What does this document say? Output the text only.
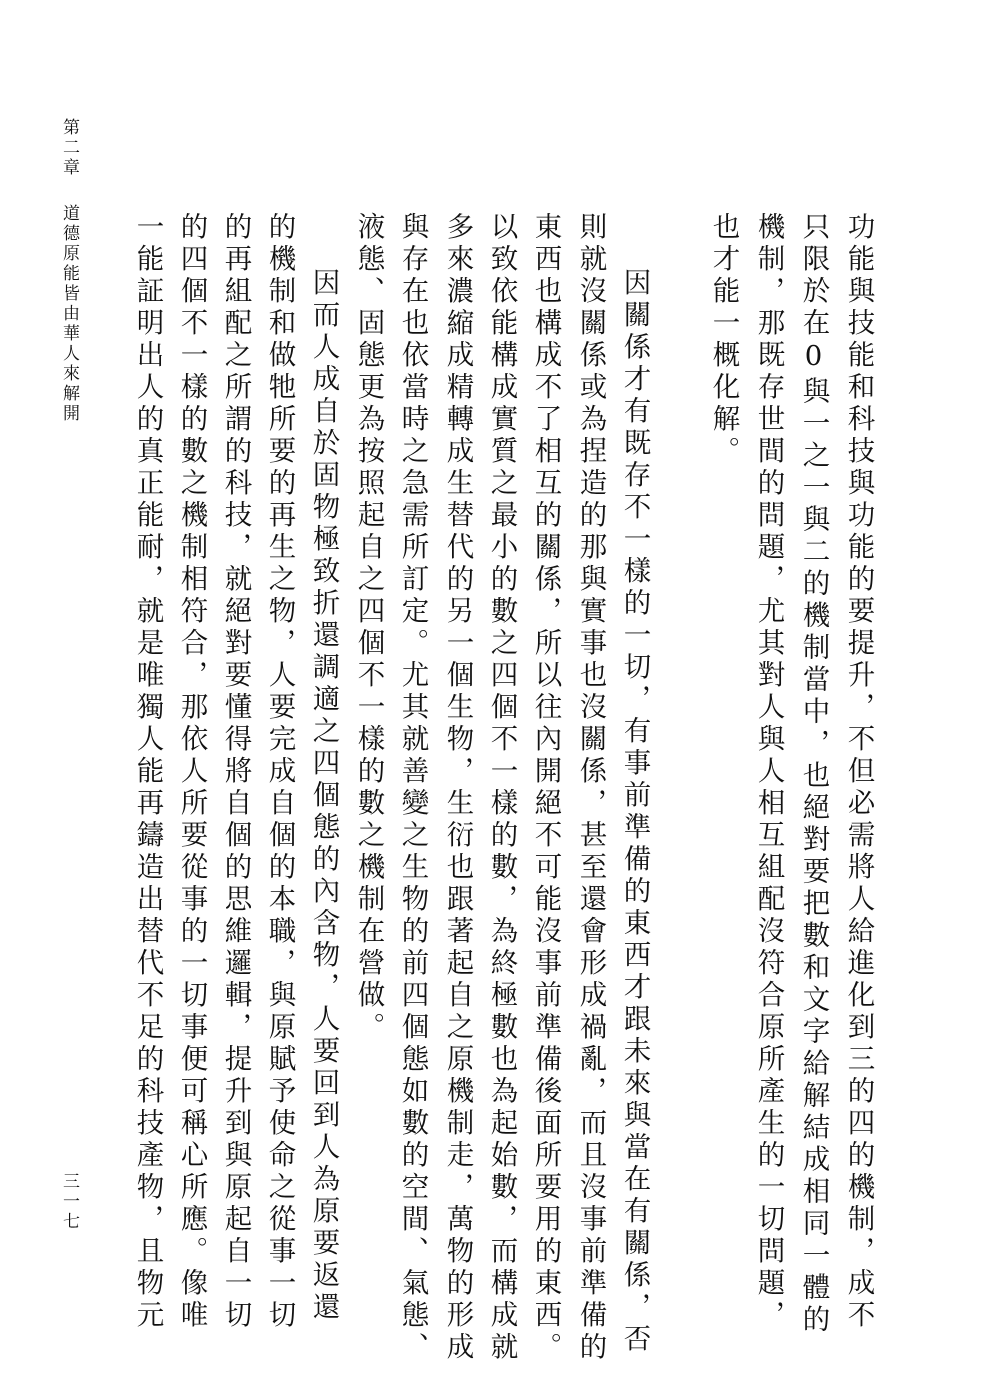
第二章
道德原能皆由華人來解開
三一七	功能與技能和科技與功能的要提升，不但必需將人給進化到三的四的機制，成不
只限於在0與一之一與二的機制當中，也絕對要把數和文字給解結成相同一體的
機制，那既存世間的問題，尤其對人與人相互組配沒符合原所產生的一切問題，
也才能一概化解。
因關係才有既存不一樣的一切，有事前準備的東西才跟未來與當在有關係，否
則就沒關係或為捏造的那與實事也沒關係，甚至還會形成禍亂，而且沒事前準備的
東西也構成不了相互的關係，所以往內開絕不可能沒事前準備後面所要用的東西。
以致依能構成實質之最小的數之四個不一樣的數，為終極數也為起始數，而構成就
多來濃縮成精轉成生替代的另一個生物，生衍也跟著起自之原機制走，萬物的形成
與存在也依當時之急需所訂定。尤其就善變之生物的前四個態如數的空間、氣態、
液態、固態更為按照起自之四個不一樣的數之機制在營做。
因而人成自於固物極致折還調適之四個態的內含物，人要回到人為原要返還
的機制和做牠所要的再生之物，人要完成自個的本職，與原賦予使命之從事一切
的再組配之所謂的科技，就絕對要懂得將自個的思維邏輯，提升到與原起自一切
的四個不一樣的數之機制相符合，那依人所要從事的一切事便可稱心所應。像唯
一能証明出人的真正能耐，就是唯獨人能再鑄造出替代不足的科技產物，且物元
